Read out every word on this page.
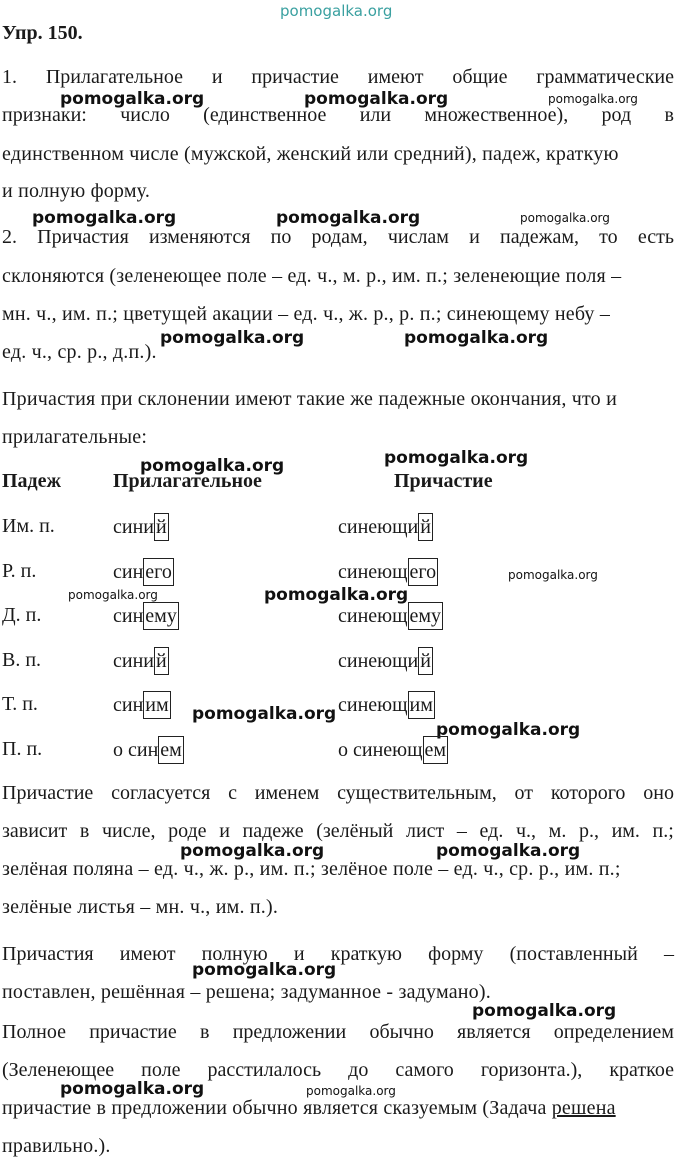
pomogalka.org
Упр. 150.
1. Прилагательное и причастие имеют общие грамматические
pomogalka.org	pomogalka.org	pomogalka.org
признаки: число (единственное или множественное), род в
единственном числе (мужской, женский или средний), падеж, краткую
и полную форму.
pomogalka.org	pomogalka.org	pomogalka.org
2. Причастия изменяются по родам, числам и падежам, то есть
склоняются (зеленеющее поле – ед. ч., м. р., им. п.; зеленеющие поля –
мн. ч., им. п.; цветущей акации – ед. ч., ж. р., р. п.; синеющему небу –
ед. ч., ср. р., д.п.).
pomogalka.org	pomogalka.org
Причастия при склонении имеют такие же падежные окончания, что и
прилагательные:
pomogalka.org	pomogalka.org
Падеж	Прилагательное	Причастие
Им. п.	сини й	синеющи й
Р. п.	син его	синеющ его	pomogalka.org
pomogalka.org	pomogalka.org
Д. п.	син ему	синеющ ему
В. п.	сини й	синеющи й
Т. п.	син им	синеющ им
pomogalka.org
pomogalka.org
П. п.	о син ем	о синеющ ем
Причастие согласуется с именем существительным, от которого оно
зависит в числе, роде и падеже (зелёный лист – ед. ч., м. р., им. п.;
pomogalka.org	pomogalka.org
зелёная поляна – ед. ч., ж. р., им. п.; зелёное поле – ед. ч., ср. р., им. п.;
зелёные листья – мн. ч., им. п.).
Причастия имеют полную и краткую форму (поставленный –
pomogalka.org
поставлен, решённая – решена; задуманное - задумано).
pomogalka.org
Полное причастие в предложении обычно является определением
(Зеленеющее поле расстилалось до самого горизонта.), краткое
pomogalka.org	pomogalka.org
причастие в предложении обычно является сказуемым (Задача решена
правильно.).
